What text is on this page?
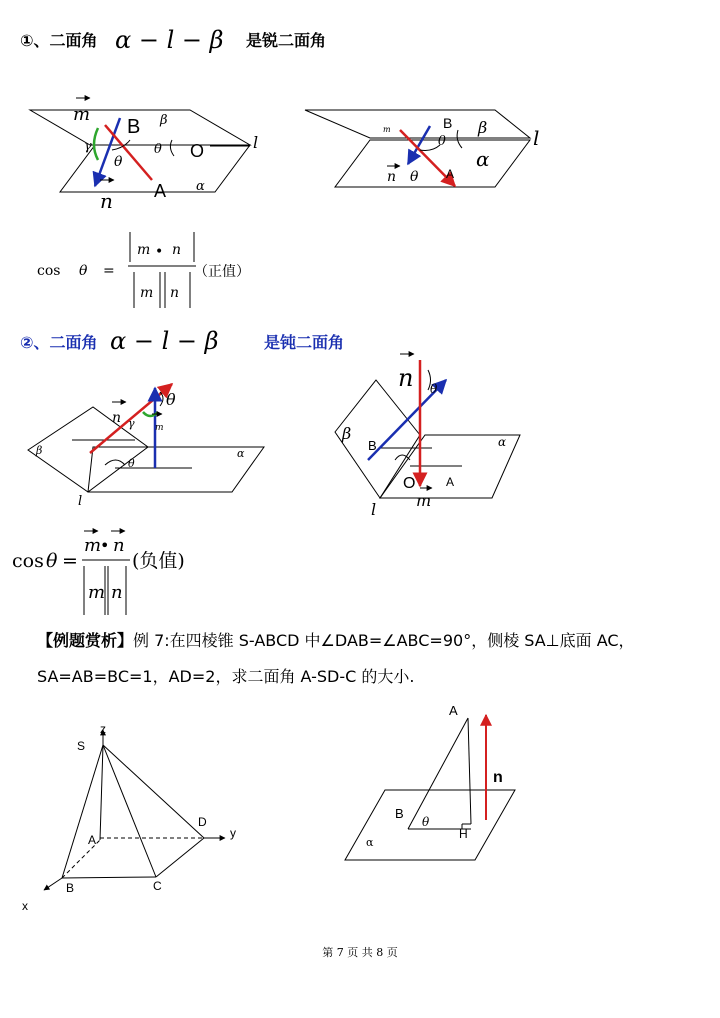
①、二面角 α − l − β 是锐二面角
m
B β
l
γ
θ
θ O
A α
n
m	B β l
θ
α
n θ A
cos θ =
m • n
m n
（正值）
②、二面角 α − l − β	是钝二面角
n
θ
m
γ
β	α
θ
l
n θ
β
B	α
O	A
m
l
cos θ =
m
• n
m n
(负值)
z
S
A
D
y
B	C
x
A
n
B
θ
H
α
【例题赏析】例 7:在四棱锥 S-ABCD 中∠DAB=∠ABC=90°，侧棱 SA⊥底面 AC，
SA=AB=BC=1，AD=2，求二面角 A-SD-C 的大小.
第 7 页 共 8 页
